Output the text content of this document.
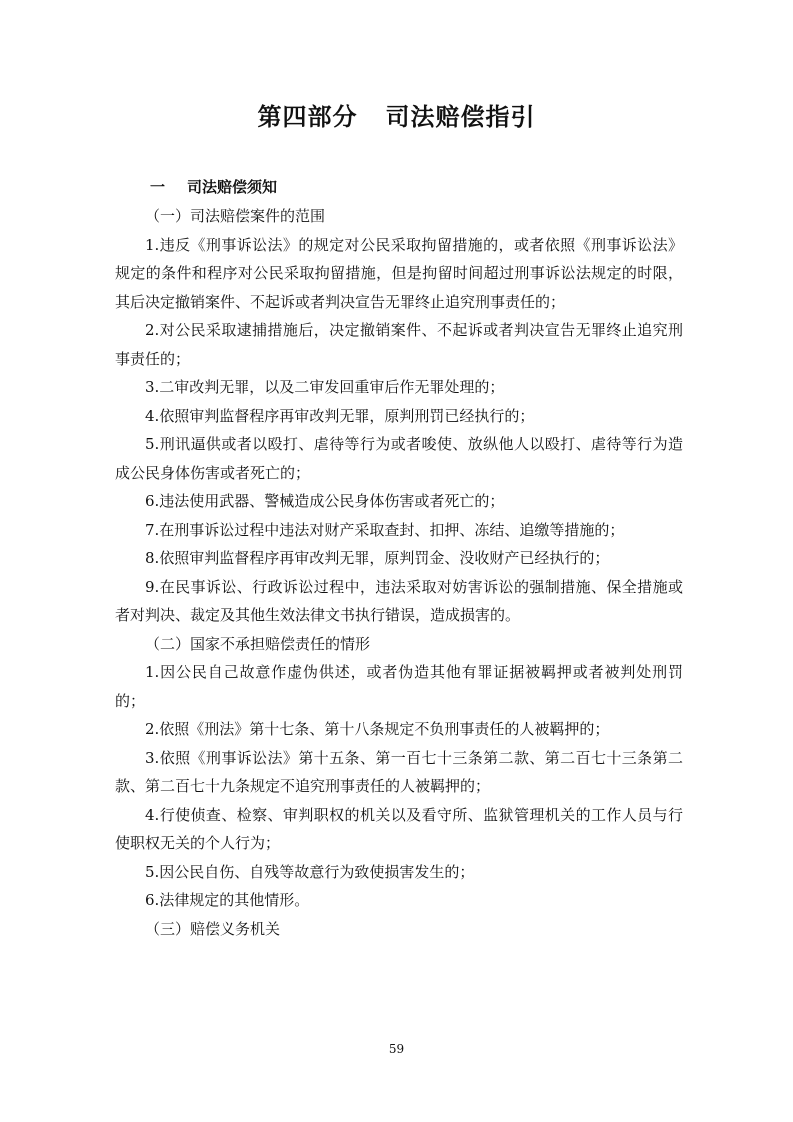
第四部分 司法赔偿指引
一 司法赔偿须知

（一）司法赔偿案件的范围

1.违反《刑事诉讼法》的规定对公民采取拘留措施的，或者依照《刑事诉讼法》规定的条件和程序对公民采取拘留措施，但是拘留时间超过刑事诉讼法规定的时限，其后决定撤销案件、不起诉或者判决宣告无罪终止追究刑事责任的；

2.对公民采取逮捕措施后，决定撤销案件、不起诉或者判决宣告无罪终止追究刑事责任的；

3.二审改判无罪，以及二审发回重审后作无罪处理的；

4.依照审判监督程序再审改判无罪，原判刑罚已经执行的；

5.刑讯逼供或者以殴打、虐待等行为或者唆使、放纵他人以殴打、虐待等行为造成公民身体伤害或者死亡的；

6.违法使用武器、警械造成公民身体伤害或者死亡的；

7.在刑事诉讼过程中违法对财产采取查封、扣押、冻结、追缴等措施的；

8.依照审判监督程序再审改判无罪，原判罚金、没收财产已经执行的；

9.在民事诉讼、行政诉讼过程中，违法采取对妨害诉讼的强制措施、保全措施或者对判决、裁定及其他生效法律文书执行错误，造成损害的。

（二）国家不承担赔偿责任的情形

1.因公民自己故意作虚伪供述，或者伪造其他有罪证据被羁押或者被判处刑罚的；

2.依照《刑法》第十七条、第十八条规定不负刑事责任的人被羁押的；

3.依照《刑事诉讼法》第十五条、第一百七十三条第二款、第二百七十三条第二款、第二百七十九条规定不追究刑事责任的人被羁押的；

4.行使侦查、检察、审判职权的机关以及看守所、监狱管理机关的工作人员与行使职权无关的个人行为；

5.因公民自伤、自残等故意行为致使损害发生的；

6.法律规定的其他情形。

（三）赔偿义务机关

59
